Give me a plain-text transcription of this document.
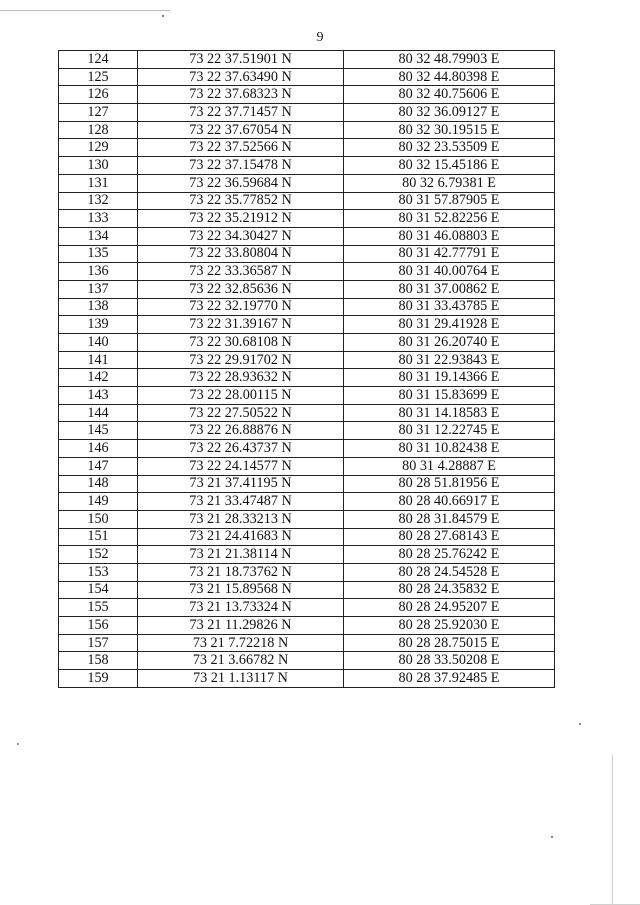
9
124	73 22 37.51901 N	80 32 48.79903 E
125	73 22 37.63490 N	80 32 44.80398 E
126	73 22 37.68323 N	80 32 40.75606 E
127	73 22 37.71457 N	80 32 36.09127 E
128	73 22 37.67054 N	80 32 30.19515 E
129	73 22 37.52566 N	80 32 23.53509 E
130	73 22 37.15478 N	80 32 15.45186 E
131	73 22 36.59684 N	80 32 6.79381 E
132	73 22 35.77852 N	80 31 57.87905 E
133	73 22 35.21912 N	80 31 52.82256 E
134	73 22 34.30427 N	80 31 46.08803 E
135	73 22 33.80804 N	80 31 42.77791 E
136	73 22 33.36587 N	80 31 40.00764 E
137	73 22 32.85636 N	80 31 37.00862 E
138	73 22 32.19770 N	80 31 33.43785 E
139	73 22 31.39167 N	80 31 29.41928 E
140	73 22 30.68108 N	80 31 26.20740 E
141	73 22 29.91702 N	80 31 22.93843 E
142	73 22 28.93632 N	80 31 19.14366 E
143	73 22 28.00115 N	80 31 15.83699 E
144	73 22 27.50522 N	80 31 14.18583 E
145	73 22 26.88876 N	80 31 12.22745 E
146	73 22 26.43737 N	80 31 10.82438 E
147	73 22 24.14577 N	80 31 4.28887 E
148	73 21 37.41195 N	80 28 51.81956 E
149	73 21 33.47487 N	80 28 40.66917 E
150	73 21 28.33213 N	80 28 31.84579 E
151	73 21 24.41683 N	80 28 27.68143 E
152	73 21 21.38114 N	80 28 25.76242 E
153	73 21 18.73762 N	80 28 24.54528 E
154	73 21 15.89568 N	80 28 24.35832 E
155	73 21 13.73324 N	80 28 24.95207 E
156	73 21 11.29826 N	80 28 25.92030 E
157	73 21 7.72218 N	80 28 28.75015 E
158	73 21 3.66782 N	80 28 33.50208 E
159	73 21 1.13117 N	80 28 37.92485 E
